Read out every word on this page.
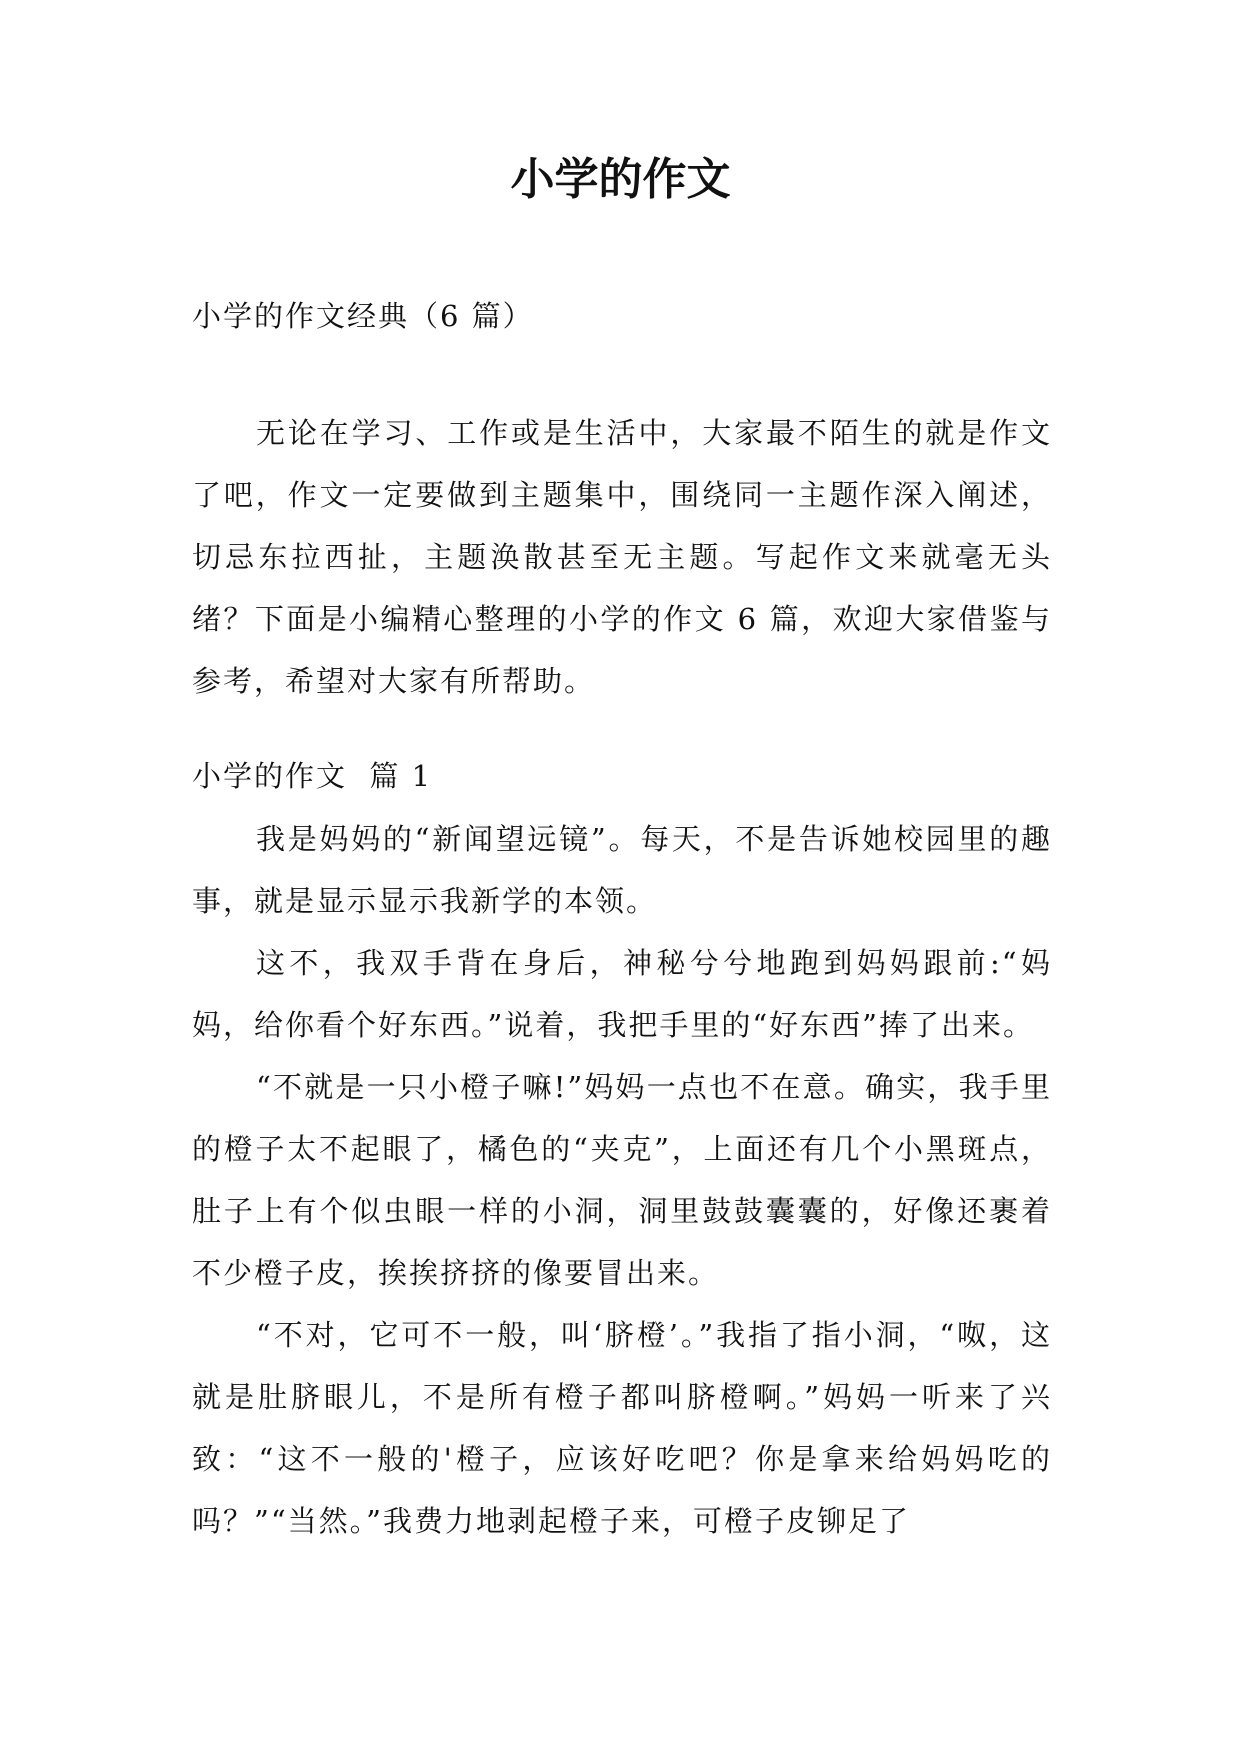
小学的作文
小学的作文经典（6 篇）

无论在学习、工作或是生活中，大家最不陌生的就是作文了吧，作文一定要做到主题集中，围绕同一主题作深入阐述，切忌东拉西扯，主题涣散甚至无主题。写起作文来就毫无头绪？下面是小编精心整理的小学的作文 6 篇，欢迎大家借鉴与参考，希望对大家有所帮助。

小学的作文  篇 1

我是妈妈的“新闻望远镜”。每天，不是告诉她校园里的趣事，就是显示显示我新学的本领。

这不，我双手背在身后，神秘兮兮地跑到妈妈跟前:“妈妈，给你看个好东西。”说着，我把手里的“好东西”捧了出来。

“不就是一只小橙子嘛!”妈妈一点也不在意。确实，我手里的橙子太不起眼了，橘色的“夹克”，上面还有几个小黑斑点，肚子上有个似虫眼一样的小洞，洞里鼓鼓囊囊的，好像还裹着不少橙子皮，挨挨挤挤的像要冒出来。

“不对，它可不一般，叫‘脐橙’。”我指了指小洞，“呶，这就是肚脐眼儿，不是所有橙子都叫脐橙啊。”妈妈一听来了兴致：“这不一般的'橙子，应该好吃吧？你是拿来给妈妈吃的吗？”“当然。”我费力地剥起橙子来，可橙子皮铆足了
